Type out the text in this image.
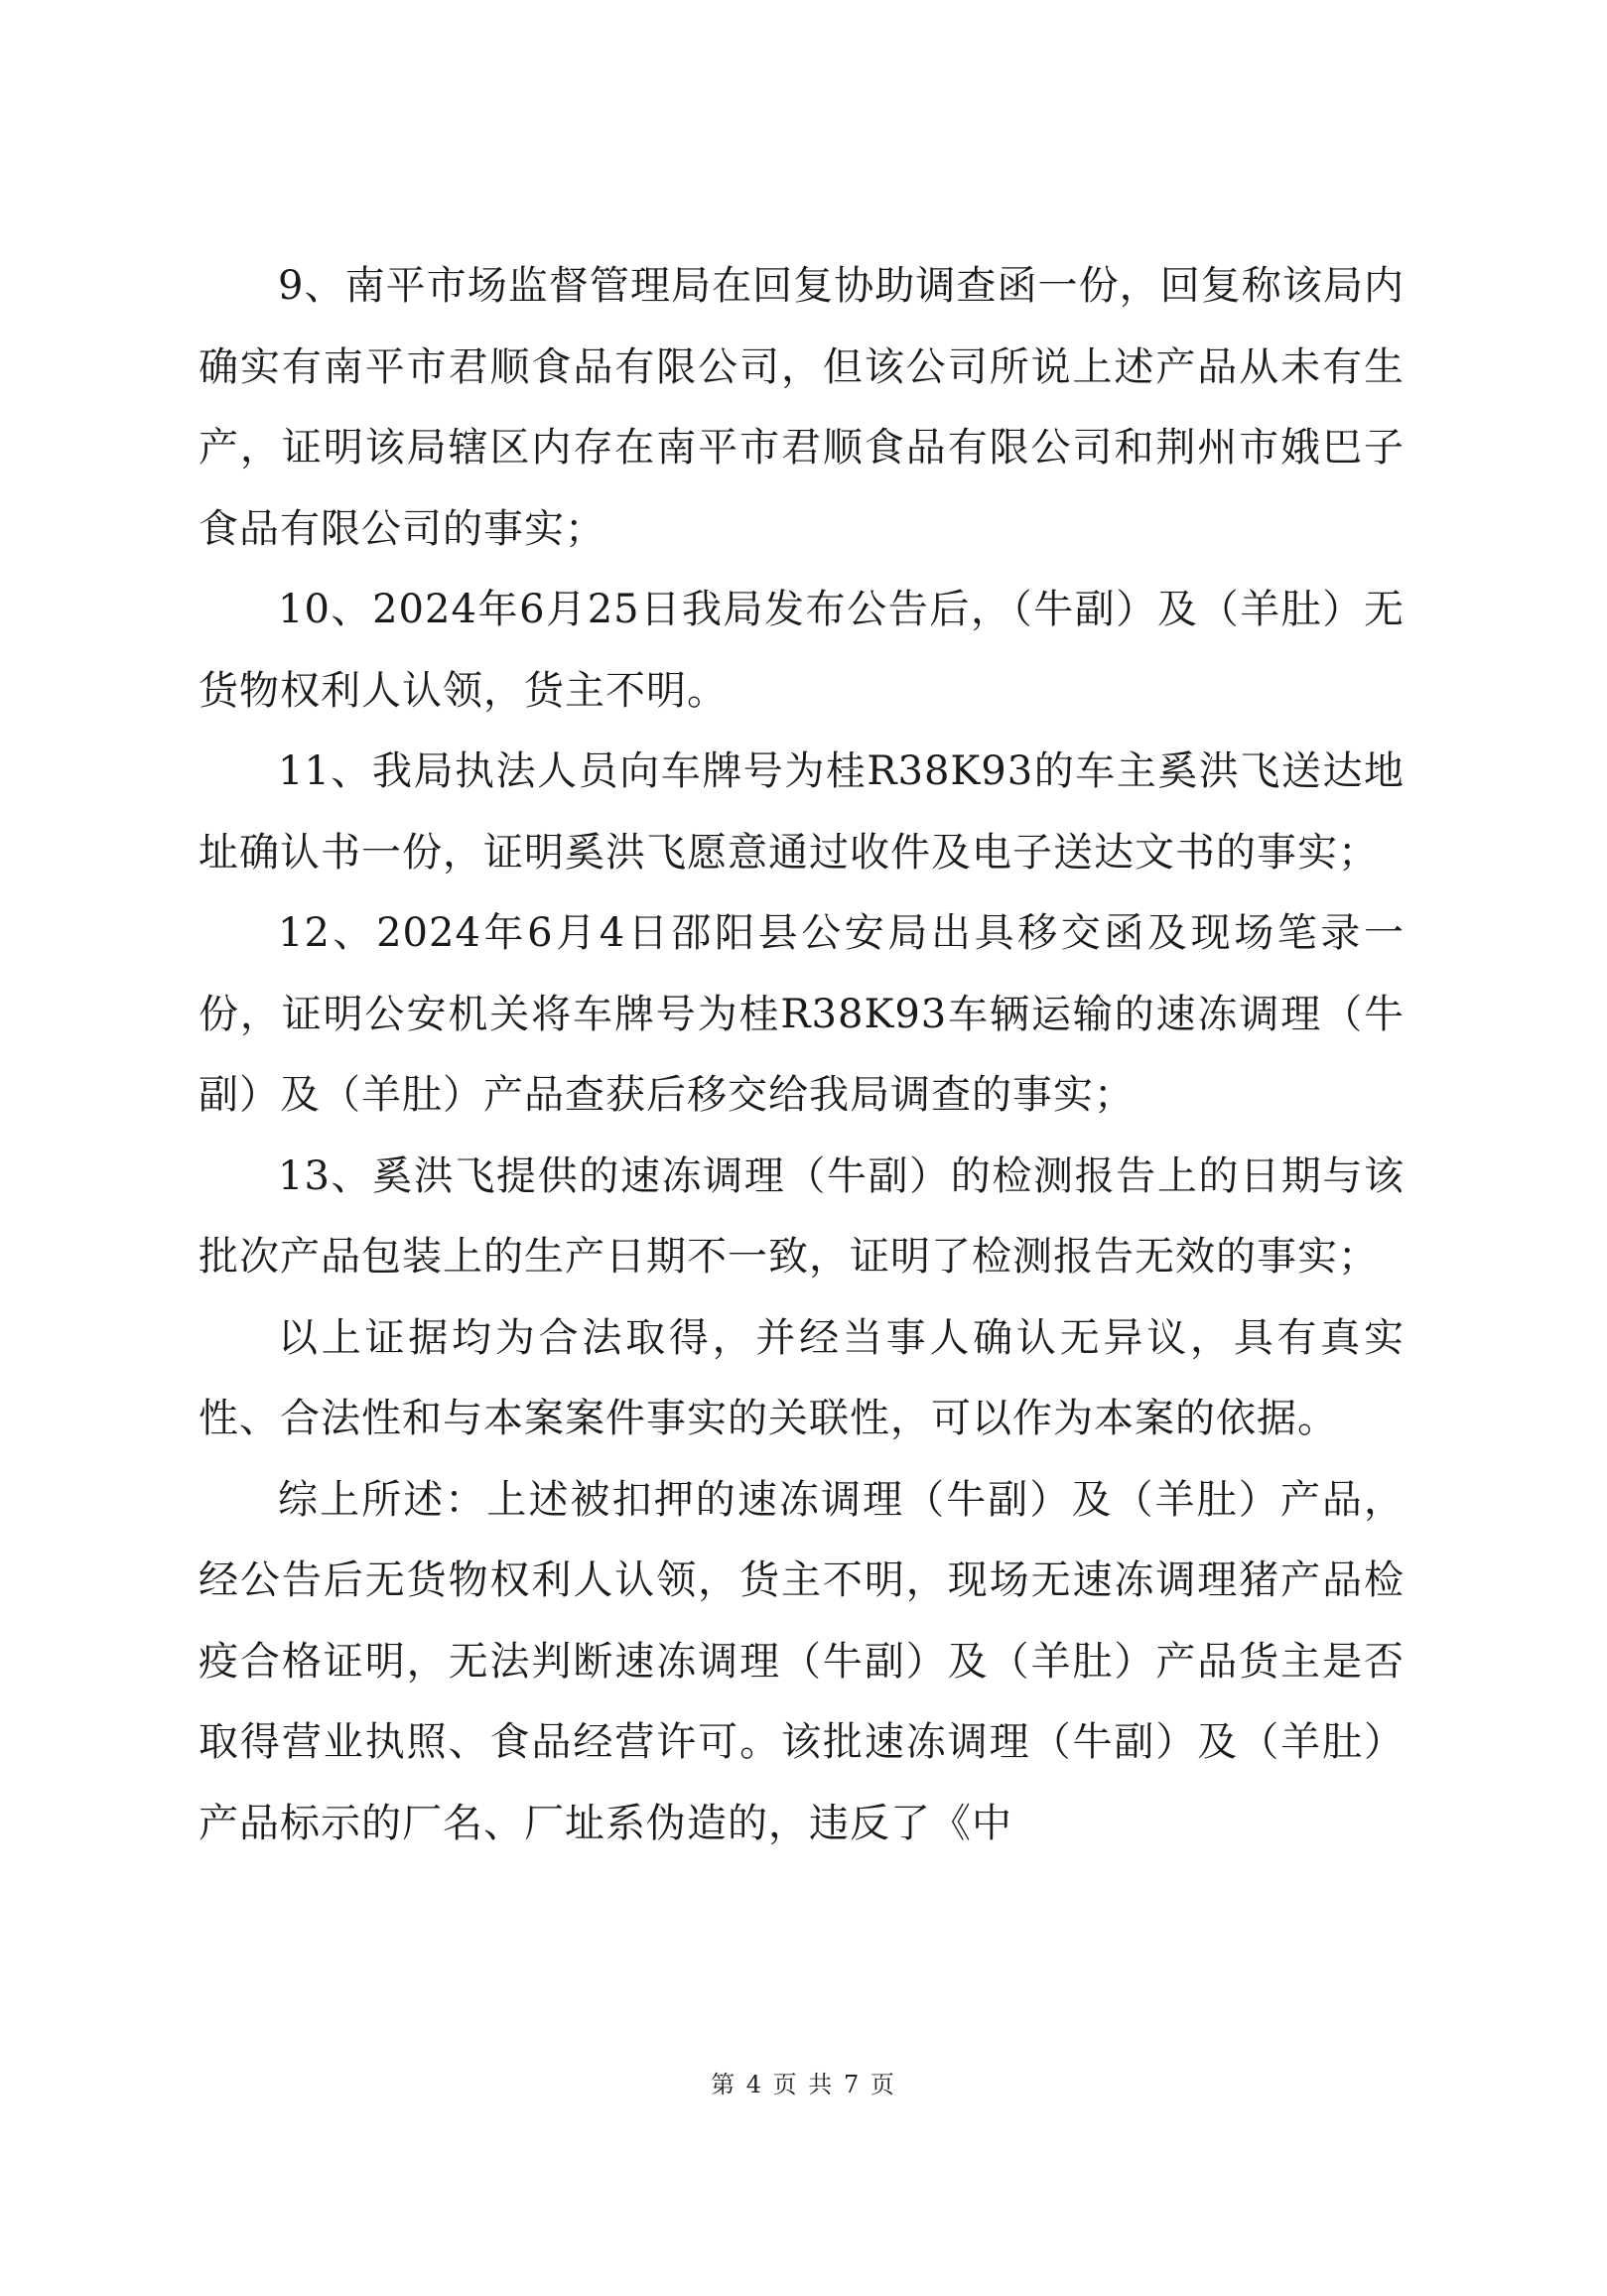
9、南平市场监督管理局在回复协助调查函一份，回复称该局内确实有南平市君顺食品有限公司，但该公司所说上述产品从未有生产，证明该局辖区内存在南平市君顺食品有限公司和荆州市娥巴子食品有限公司的事实；

10、2024年6月25日我局发布公告后，（牛副）及（羊肚）无货物权利人认领，货主不明。

11、我局执法人员向车牌号为桂R38K93的车主奚洪飞送达地址确认书一份，证明奚洪飞愿意通过收件及电子送达文书的事实；

12、2024年6月4日邵阳县公安局出具移交函及现场笔录一份，证明公安机关将车牌号为桂R38K93车辆运输的速冻调理（牛副）及（羊肚）产品查获后移交给我局调查的事实；

13、奚洪飞提供的速冻调理（牛副）的检测报告上的日期与该批次产品包装上的生产日期不一致，证明了检测报告无效的事实；

以上证据均为合法取得，并经当事人确认无异议，具有真实性、合法性和与本案案件事实的关联性，可以作为本案的依据。

综上所述：上述被扣押的速冻调理（牛副）及（羊肚）产品，经公告后无货物权利人认领，货主不明，现场无速冻调理猪产品检疫合格证明，无法判断速冻调理（牛副）及（羊肚）产品货主是否取得营业执照、食品经营许可。该批速冻调理（牛副）及（羊肚）产品标示的厂名、厂址系伪造的，违反了《中

第 4 页 共 7 页
